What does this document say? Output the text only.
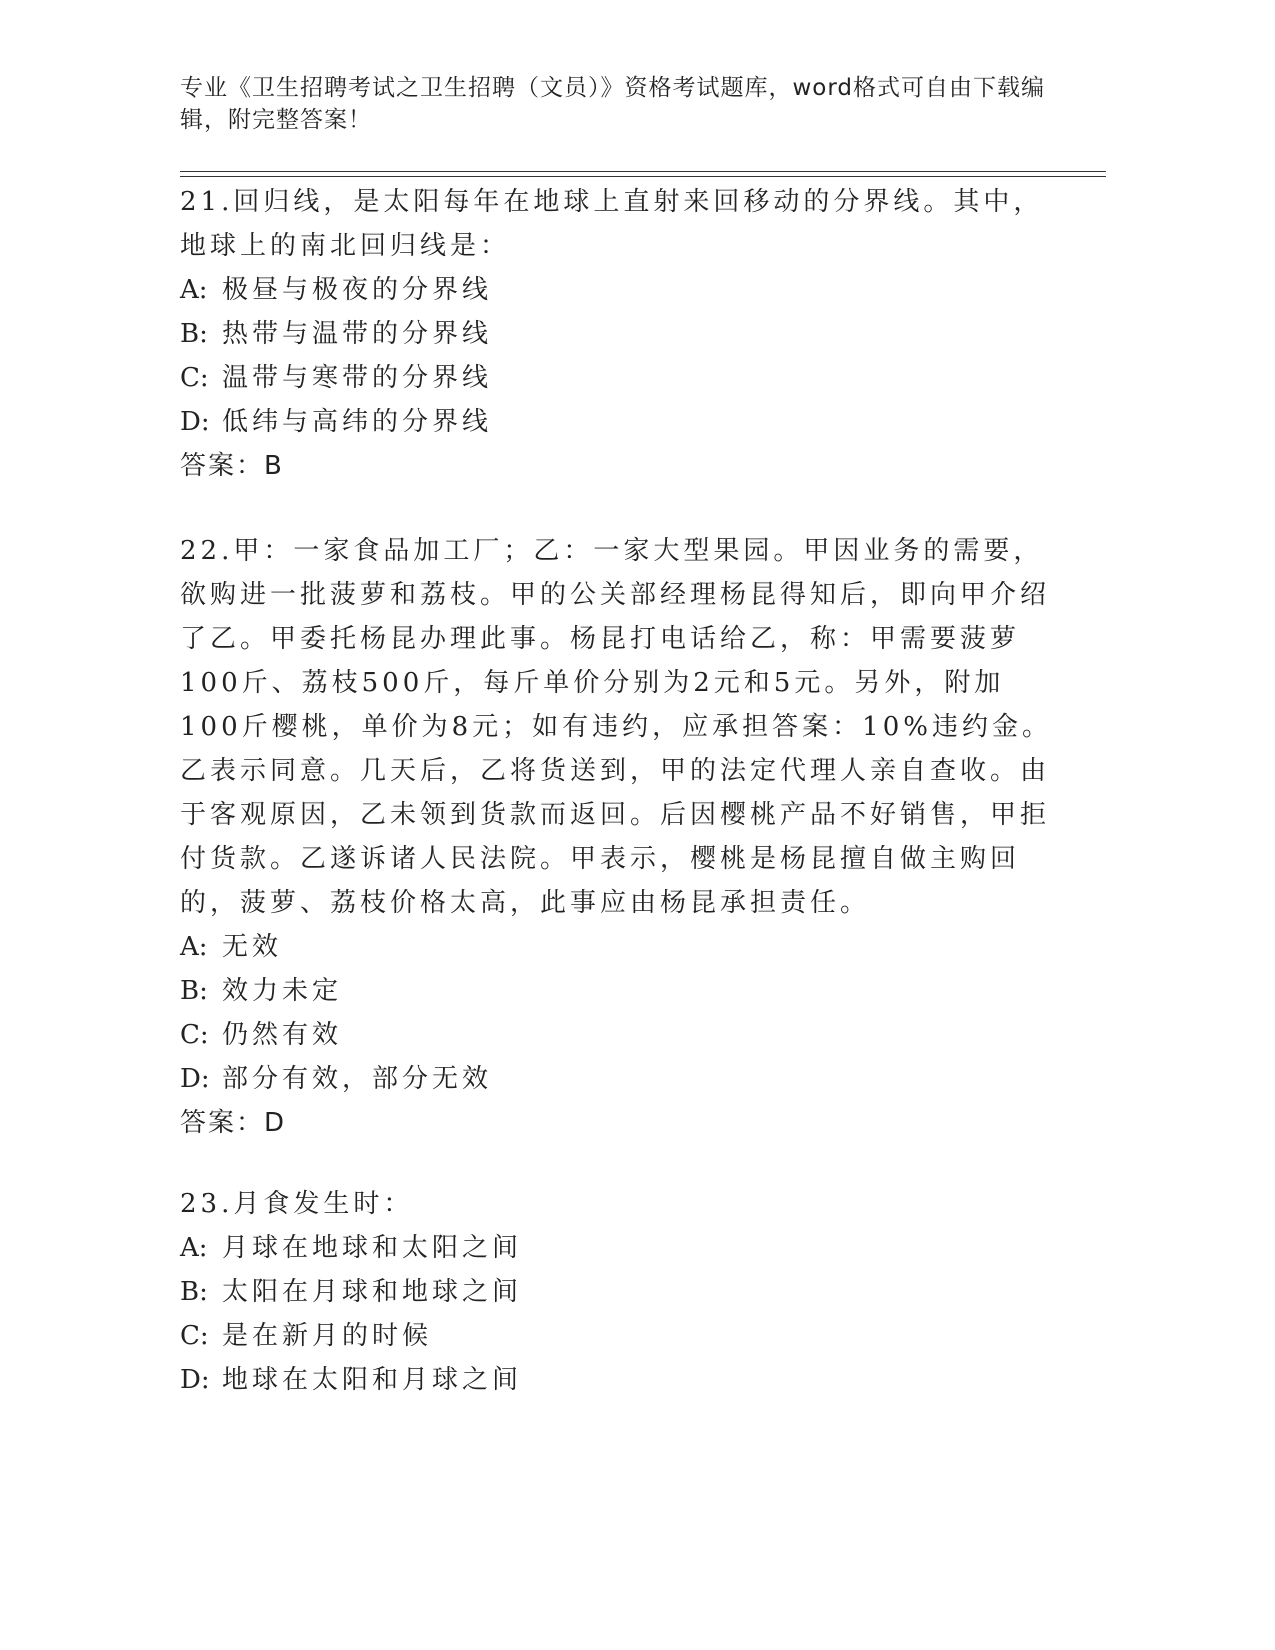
专业《卫生招聘考试之卫生招聘（文员）》资格考试题库，word格式可自由下载编辑，附完整答案！

21.回归线，是太阳每年在地球上直射来回移动的分界线。其中，地球上的南北回归线是：

A: 极昼与极夜的分界线

B: 热带与温带的分界线

C: 温带与寒带的分界线

D: 低纬与高纬的分界线

答案：B

22.甲：一家食品加工厂；乙：一家大型果园。甲因业务的需要，欲购进一批菠萝和荔枝。甲的公关部经理杨昆得知后，即向甲介绍了乙。甲委托杨昆办理此事。杨昆打电话给乙，称：甲需要菠萝100斤、荔枝500斤，每斤单价分别为2元和5元。另外，附加100斤樱桃，单价为8元；如有违约，应承担答案：10%违约金。乙表示同意。几天后，乙将货送到，甲的法定代理人亲自查收。由于客观原因，乙未领到货款而返回。后因樱桃产品不好销售，甲拒付货款。乙遂诉诸人民法院。甲表示，樱桃是杨昆擅自做主购回的，菠萝、荔枝价格太高，此事应由杨昆承担责任。

A: 无效

B: 效力未定

C: 仍然有效

D: 部分有效，部分无效

答案：D

23.月食发生时：

A: 月球在地球和太阳之间

B: 太阳在月球和地球之间

C: 是在新月的时候

D: 地球在太阳和月球之间
